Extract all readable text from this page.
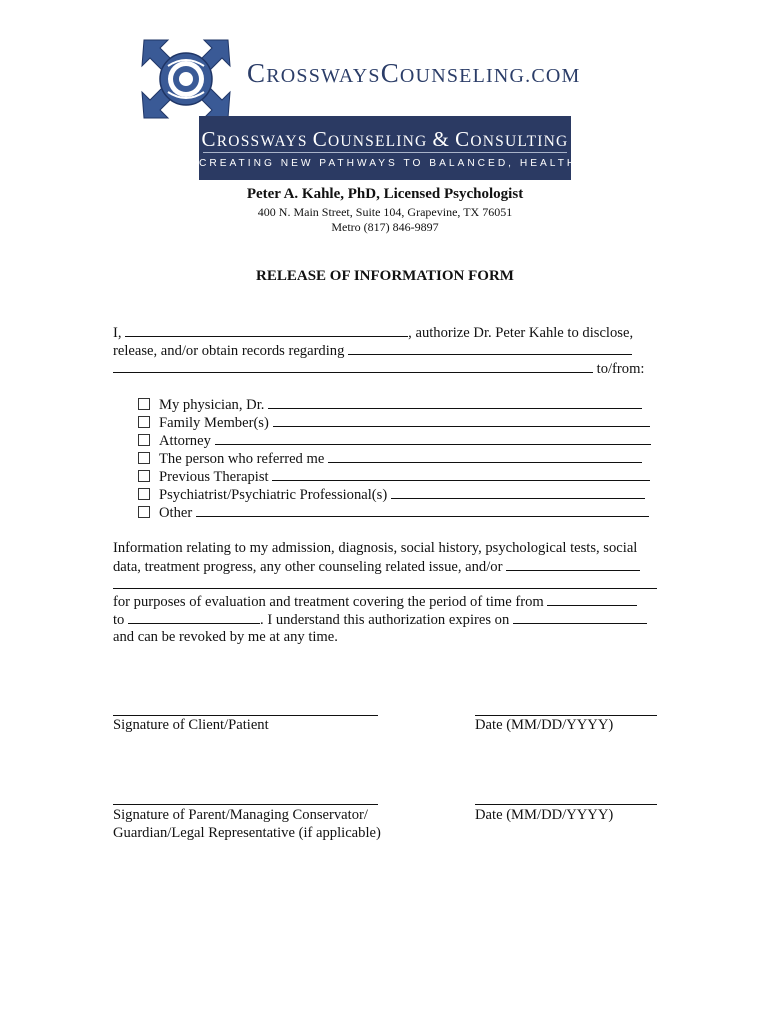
CROSSWAYSCOUNSELING.COM
CROSSWAYS COUNSELING & CONSULTING
CREATING NEW PATHWAYS TO BALANCED, HEALTHY LIVING
Peter A. Kahle, PhD, Licensed Psychologist
400 N. Main Street, Suite 104, Grapevine, TX 76051
Metro (817) 846-9897
RELEASE OF INFORMATION FORM
I,	, authorize Dr. Peter Kahle to disclose,
release, and/or obtain records regarding
to/from:
My physician, Dr.
Family Member(s)
Attorney
The person who referred me
Previous Therapist
Psychiatrist/Psychiatric Professional(s)
Other
Information relating to my admission, diagnosis, social history, psychological tests, social
data, treatment progress, any other counseling related issue, and/or
for purposes of evaluation and treatment covering the period of time from
to	. I understand this authorization expires on
and can be revoked by me at any time.
Signature of Client/Patient	Date (MM/DD/YYYY)
Signature of Parent/Managing Conservator/
Guardian/Legal Representative (if applicable)
Date (MM/DD/YYYY)
